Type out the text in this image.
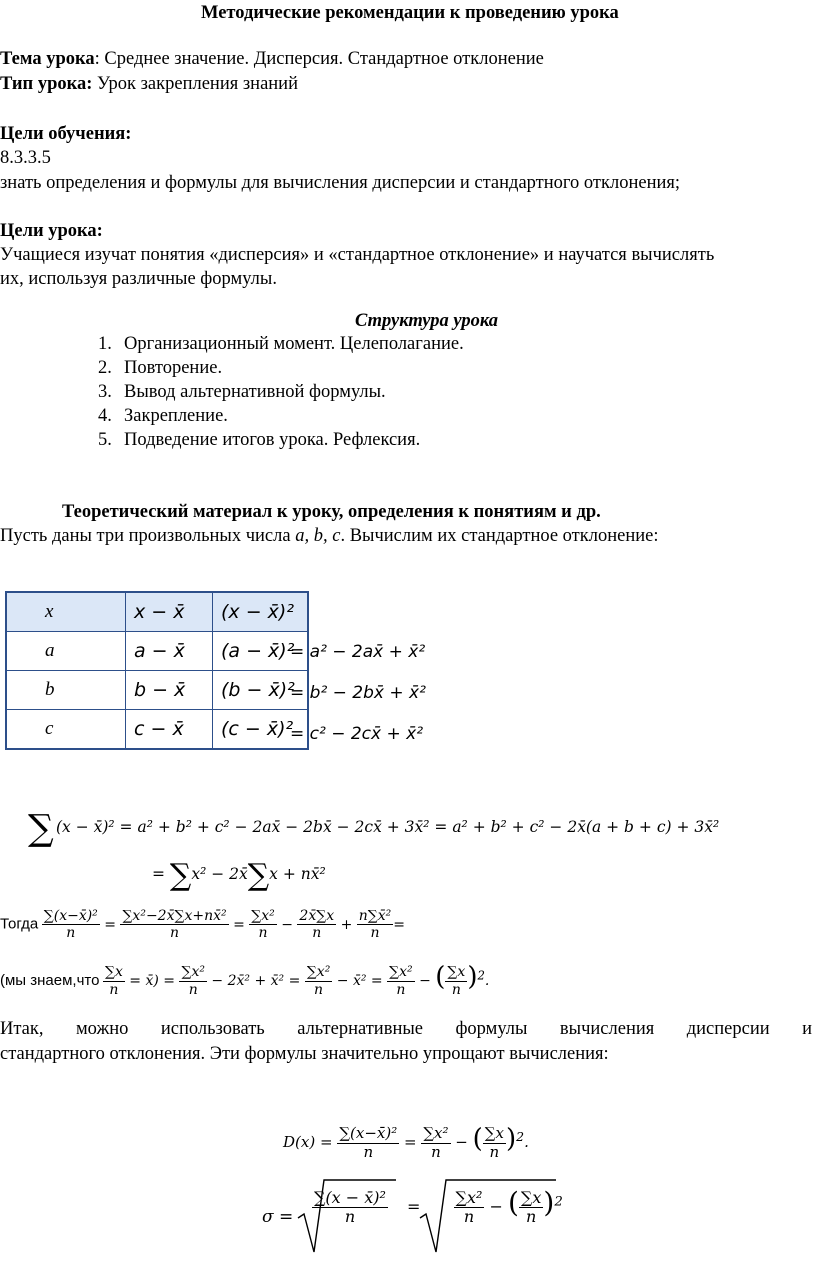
Методические рекомендации к проведению урока
Тема урока: Среднее значение. Дисперсия. Стандартное отклонение
Тип урока: Урок закрепления знаний
Цели обучения:
8.3.3.5
знать определения и формулы для вычисления дисперсии и стандартного отклонения;
Цели урока:
Учащиеся изучат понятия «дисперсия» и «стандартное отклонение» и научатся вычислять
их, используя различные формулы.
Структура урока
1. Организационный момент. Целеполагание.
2. Повторение.
3. Вывод альтернативной формулы.
4. Закрепление.
5. Подведение итогов урока. Рефлексия.
Теоретический материал к уроку, определения к понятиям и др.
Пусть даны три произвольных числа a, b, c. Вычислим их стандартное отклонение:
x	x − x̄	(x − x̄)²
a	a − x̄	(a − x̄)²
b	b − x̄	(b − x̄)²
c	c − x̄	(c − x̄)²
= a² − 2ax̄ + x̄²
= b² − 2bx̄ + x̄²
= c² − 2cx̄ + x̄²
∑ (x − x̄)² = a² + b² + c² − 2ax̄ − 2bx̄ − 2cx̄ + 3x̄² = a² + b² + c² − 2x̄(a + b + c) + 3x̄²
= ∑x² − 2x̄∑x + nx̄²
Тогда $\frac{\text{∑(x−x̄)²}}{n} = \frac{\text{∑x²−2x̄∑x+nx̄²}}{n} = \frac{\text{∑x²}}{n} - \frac{2x̄\sum x}{n} + \frac{\text{n∑x̄²}}{n}$ =
(мы знаем,что $\frac{\sum x}{n}$ = x̄) = $\frac{\text{∑x²}}{n}$ − 2x̄² + x̄² = $\frac{\text{∑x²}}{n}$ − x̄² = $\frac{\text{∑x²}}{n}$ − ( $\frac{\sum x}{n} )^2$.
Итак, можно использовать альтернативные формулы вычисления дисперсии и
стандартного отклонения. Эти формулы значительно упрощают вычисления:
$D(x) = \frac{\text{∑(x−x̄)²}}{n} = \frac{\text{∑x²}}{n}$ − ( $\frac{\sum x}{n} )^2$.
$\sigma = \frac{\text{∑(x − x̄)²}}{n} = \frac{\text{∑x²}}{n}$ − ( $\frac{\sum x}{n} )^2$
